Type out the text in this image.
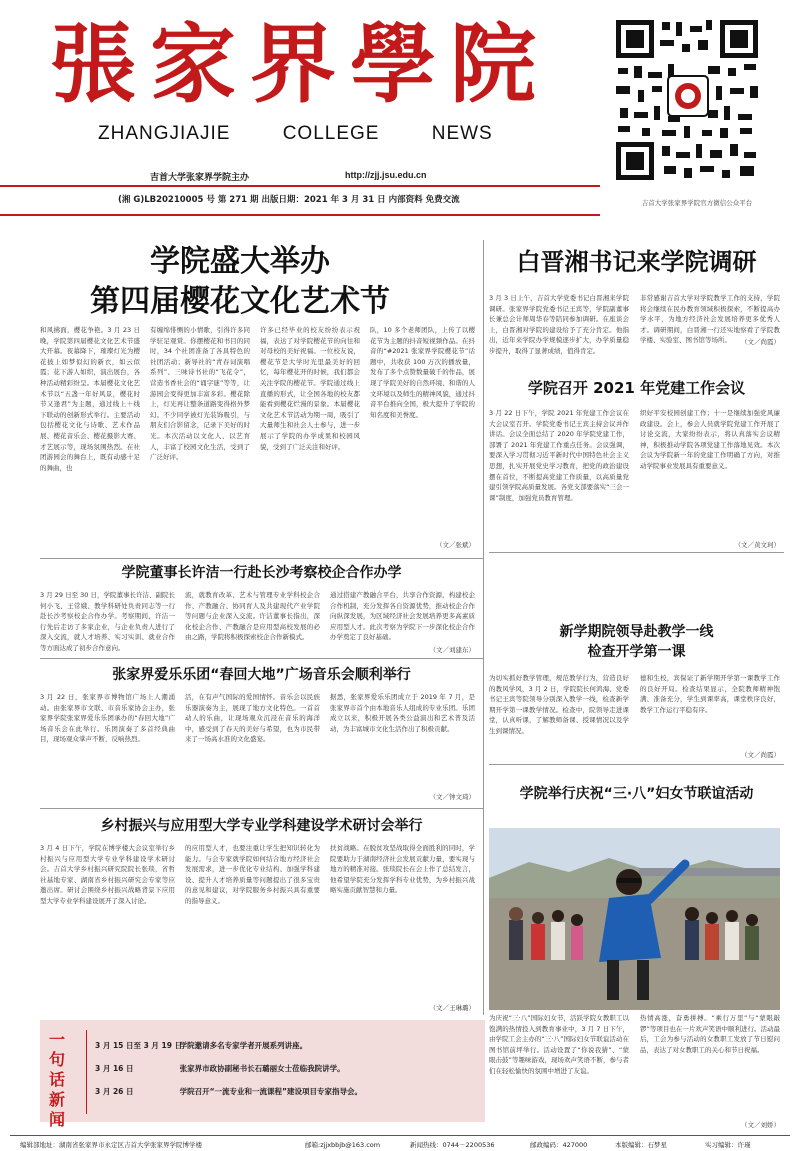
張家界學院
ZHANGJIAJIE	COLLEGE	NEWS
吉首大学张家界学院主办	http://zjj.jsu.edu.cn
(湘 G)LB20210005 号 第 271 期 出版日期：2021 年 3 月 31 日 内部资料 免费交流	吉首大学张家界学院官方微信公众平台
学院盛大举办
第四届樱花文化艺术节
和风拂面，樱花争艳。3 月 23 日晚，学院第四届樱花文化艺术节盛大开幕。夜幕降下，璀璨灯光为樱花披上如梦似幻的新衣，如云似霞；花下游人如织，演出展台，各种活动精彩纷呈。本届樱花文化艺术节以“五盏一年好风景，樱花时节又逢君”为主题，通过线上＋线下联动的创新形式举行。主要活动包括樱花文化与诗歌、艺术作品展、樱花音乐会、樱花摄影大赛、才艺展示等，现场氛围热烈。在社团游园会的舞台上，既有动感十足的舞曲，也
有缠绵悱恻的小情歌，引得许多同学驻足观赏。你摆樱花和书目的同时，34 个社团准备了各具特色的社团活动；新导社的“青春词演唱系列”、三味诗书社的“飞花令”，营造书香社会的“诵字谜”等等，让游园会变得更加丰富多彩。樱花除上，灯光再让整条道路变得格外梦幻。不少同学被灯光装饰吸引，与朋友们合影留念，记录下美好的时光。本次活动以文化人、以艺育人，丰富了校园文化生活，受到了广泛好评。
许多已经毕业的校友纷纷表示祝福，表达了对学院樱花节的向往和对母校的美好祝福。一位校友说，樱花节是大学时光里最美好的回忆，每年樱花开的时候，我们都会关注学院的樱花节。学院通过线上直播的形式，让全国各地的校友都能看到樱花烂漫的景象。本届樱花文化艺术节活动为期一周，吸引了大量师生和社会人士参与，进一步展示了学院的办学成果和校园风貌，受到了广泛关注和好评。
队，10 多个老师团队，上传了以樱花节为主题的抖音短视频作品。在抖音的“#2021 张家界学院樱花节”话题中，共收获 100 万次的播放量，发布了多个点赞数量破千的作品，展现了学院美好的自然环境、和谐的人文环境以及师生的精神风貌，通过抖音平台推向全国，极大提升了学院的知名度和美誉度。
（文／张斌）
白晋湘书记来学院调研
3 月 3 日上午，吉首大学党委书记白晋湘来学院调研。张家界学院党委书记王宾等，学院副董事长兼总会计师周华春等陪同参加调研。在座谈会上，白晋湘对学院的建设给予了充分肯定。他指出，近年来学院办学规模逐步扩大，办学质量稳步提升，取得了显著成绩，值得肯定。
非常感谢吉首大学对学院教学工作的支持，学院将会继续在民办教育领域积极探索，不断提高办学水平，为地方经济社会发展培养更多优秀人才。调研期间，白晋湘一行还实地察看了学院教学楼、实验室、图书馆等场所。	（文／尚霞）
学院召开 2021 年党建工作会议
3 月 22 日下午，学院 2021 年党建工作会议在大会议室召开。学院党委书记王宾主持会议并作讲话。会议全面总结了 2020 年学院党建工作，部署了 2021 年党建工作重点任务。会议强调，要深入学习贯彻习近平新时代中国特色社会主义思想，扎实开展党史学习教育，把党的政治建设摆在首位，不断提高党建工作质量，以高质量党建引领学院高质量发展。各党支部要落实“三会一课”制度，加强党员教育管理。
织好平安校园创建工作；十一是继续加强党风廉政建设。会上，参会人员就学院党建工作开展了讨论交流，大家纷纷表示，将认真落实会议精神，积极推动学院各项党建工作落地见效。本次会议为学院新一年的党建工作明确了方向，对推动学院事业发展具有重要意义。
（文／黄文珂）
学院董事长许洁一行赴长沙考察校企合作办学
3 月 29 日至 30 日，学院董事长许洁、副院长何小飞、王常娥、教学科研处负责同志等一行赴长沙考察校企合作办学。考察期间，许洁一行先后走访了多家企业，与企业负责人进行了深入交流，就人才培养、实习实训、就业合作等方面达成了初步合作意向。
流，就教育改革、艺术与管理专业学科校企合作、产教融合、协同育人及共建现代产业学院等问题与企业深入交流。许洁董事长指出，深化校企合作、产教融合是应用型高校发展的必由之路，学院将积极探索校企合作新模式。
通过搭建产教融合平台，共享合作资源，构建校企合作机制，充分发挥各自资源优势，推动校企合作向纵深发展，为区域经济社会发展培养更多高素质应用型人才。此次考察为学院下一步深化校企合作办学奠定了良好基础。
（文／刘建东）
张家界爱乐乐团“春回大地”广场音乐会顺利举行
3 月 22 日，张家界市博物馆广场上人潮涌动。由张家界市文联、市音乐家协会主办，张家界学院张家界爱乐乐团承办的“春回大地”广场音乐会在此举行。乐团演奏了多首经典曲目，现场观众掌声不断，反响热烈。
活，在有声气国际的爱国情怀。音乐会以民族乐器演奏为主，展现了地方文化特色。一首首动人的乐曲，让现场观众沉浸在音乐的海洋中，感受到了春天的美好与希望，也为市民带来了一场高水准的文化盛宴。
据悉，张家界爱乐乐团成立于 2019 年 7 月，是张家界市首个由本地音乐人组成的专业乐团。乐团成立以来，积极开展各类公益演出和艺术普及活动，为丰富城市文化生活作出了积极贡献。
（文／钟文琦）
乡村振兴与应用型大学专业学科建设学术研讨会举行
3 月 4 日下午，学院在博学楼大会议室举行乡村振兴与应用型大学专业学科建设学术研讨会。吉首大学乡村振兴研究院院长张琰，省哲社基地专家、湖南省乡村振兴研究会专家等应邀出席。研讨会围绕乡村振兴战略背景下应用型大学专业学科建设展开了深入讨论。
的应用型人才，也要注重让学生把知识转化为能力。与会专家就学院如何结合地方经济社会发展需求，进一步优化专业结构、加强学科建设、提升人才培养质量等问题提出了很多宝贵的意见和建议，对学院服务乡村振兴具有重要的指导意义。
扶贫战略。在脱贫攻坚战取得全面胜利的同时，学院要助力于湖南经济社会发展贡献力量，要实现与地方的精准对接。张琰院长在会上作了总结发言，他希望学院充分发挥学科专业优势，为乡村振兴战略实施贡献智慧和力量。
（文／王琳璐）
新学期院领导赴教学一线
检查开学第一课
为切实抓好教学管理，规范教学行为，营造良好的教风学风，3 月 2 日，学院院长何鸿海、党委书记王宾等院领导分别深入教学一线，检查新学期开学第一课教学情况。检查中，院领导走进课堂，认真听课，了解教师备课、授课情况以及学生到课情况。
德和生校，宾保证了新学期开学第一课教学工作的良好开局。检查结果显示，全院教师精神饱满、准备充分，学生到课率高，课堂秩序良好，教学工作运行平稳有序。
（文／尚霞）
学院举行庆祝“三·八”妇女节联谊活动
为庆祝“三·八”国际妇女节，活跃学院女教职工以饱满的热情投入到教育事业中，3 月 7 日下午，由学院工会主办的“三·八”国际妇女节联谊活动在图书馆前坪举行。活动设置了“你说我猜”、“蒙眼击鼓”等趣味游戏，现场欢声笑语不断，参与者们在轻松愉快的氛围中增进了友谊。
热情高涨，奋勇拼搏。“乘行万里”与“蒙眼敲锣”等项目也在一片欢声笑语中顺利进行。活动最后，工会为参与活动的女教职工发放了节日慰问品，表达了对女教职工的关心和节日祝福。
（文／刘娇）
一
句
话
新
闻
3 月 15 日至 3 月 19 日 学院邀请多名专家学者开展系列讲座。
3 月 16 日	张家界市政协副秘书长石璐丽女士莅临我院讲学。
3 月 26 日	学院召开“一流专业和一流课程”建设项目专家指导会。
编辑部地址：湖南省张家界市永定区吉首大学张家界学院博学楼	邮箱:zjjxbbjb@163.com	新闻热线：0744－2200536	邮政编码：427000	本版编辑：石梦星	实习编辑：许瑾
